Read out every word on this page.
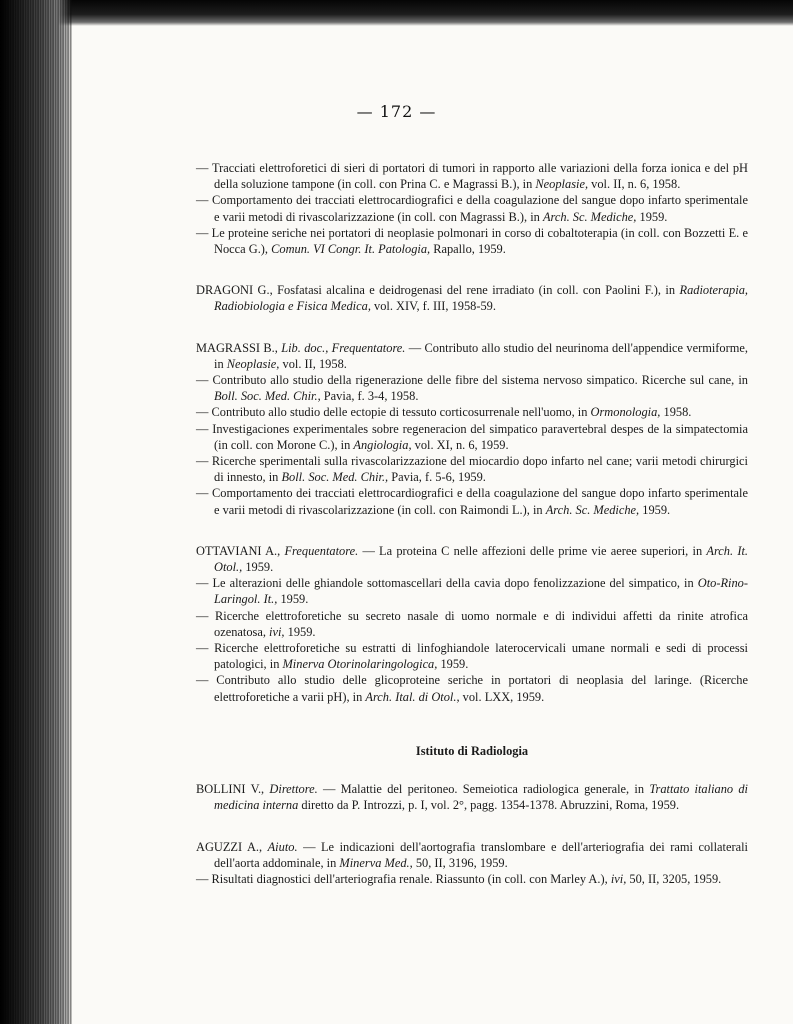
— 172 —
— Tracciati elettroforetici di sieri di portatori di tumori in rapporto alle variazioni della forza ionica e del pH della soluzione tampone (in coll. con Prina C. e Magrassi B.), in Neoplasie, vol. II, n. 6, 1958.
— Comportamento dei tracciati elettrocardiografici e della coagulazione del sangue dopo infarto sperimentale e varii metodi di rivascolarizzazione (in coll. con Magrassi B.), in Arch. Sc. Mediche, 1959.
— Le proteine seriche nei portatori di neoplasie polmonari in corso di cobaltoterapia (in coll. con Bozzetti E. e Nocca G.), Comun. VI Congr. It. Patologia, Rapallo, 1959.
DRAGONI G., Fosfatasi alcalina e deidrogenasi del rene irradiato (in coll. con Paolini F.), in Radioterapia, Radiobiologia e Fisica Medica, vol. XIV, f. III, 1958-59.
MAGRASSI B., Lib. doc., Frequentatore. — Contributo allo studio del neurinoma dell'appendice vermiforme, in Neoplasie, vol. II, 1958.
— Contributo allo studio della rigenerazione delle fibre del sistema nervoso simpatico. Ricerche sul cane, in Boll. Soc. Med. Chir., Pavia, f. 3-4, 1958.
— Contributo allo studio delle ectopie di tessuto corticosurrenale nell'uomo, in Ormonologia, 1958.
— Investigaciones experimentales sobre regeneracion del simpatico paravertebral despes de la simpatectomia (in coll. con Morone C.), in Angiologia, vol. XI, n. 6, 1959.
— Ricerche sperimentali sulla rivascolarizzazione del miocardio dopo infarto nel cane; varii metodi chirurgici di innesto, in Boll. Soc. Med. Chir., Pavia, f. 5-6, 1959.
— Comportamento dei tracciati elettrocardiografici e della coagulazione del sangue dopo infarto sperimentale e varii metodi di rivascolarizzazione (in coll. con Raimondi L.), in Arch. Sc. Mediche, 1959.
OTTAVIANI A., Frequentatore. — La proteina C nelle affezioni delle prime vie aeree superiori, in Arch. It. Otol., 1959.
— Le alterazioni delle ghiandole sottomascellari della cavia dopo fenolizzazione del simpatico, in Oto-Rino-Laringol. It., 1959.
— Ricerche elettroforetiche su secreto nasale di uomo normale e di individui affetti da rinite atrofica ozenatosa, ivi, 1959.
— Ricerche elettroforetiche su estratti di linfoghiandole laterocervicali umane normali e sedi di processi patologici, in Minerva Otorinolaringologica, 1959.
— Contributo allo studio delle glicoproteine seriche in portatori di neoplasia del laringe. (Ricerche elettroforetiche a varii pH), in Arch. Ital. di Otol., vol. LXX, 1959.
Istituto di Radiologia
BOLLINI V., Direttore. — Malattie del peritoneo. Semeiotica radiologica generale, in Trattato italiano di medicina interna diretto da P. Introzzi, p. I, vol. 2°, pagg. 1354-1378. Abruzzini, Roma, 1959.
AGUZZI A., Aiuto. — Le indicazioni dell'aortografia translombare e dell'arteriografia dei rami collaterali dell'aorta addominale, in Minerva Med., 50, II, 3196, 1959.
— Risultati diagnostici dell'arteriografia renale. Riassunto (in coll. con Marley A.), ivi, 50, II, 3205, 1959.
